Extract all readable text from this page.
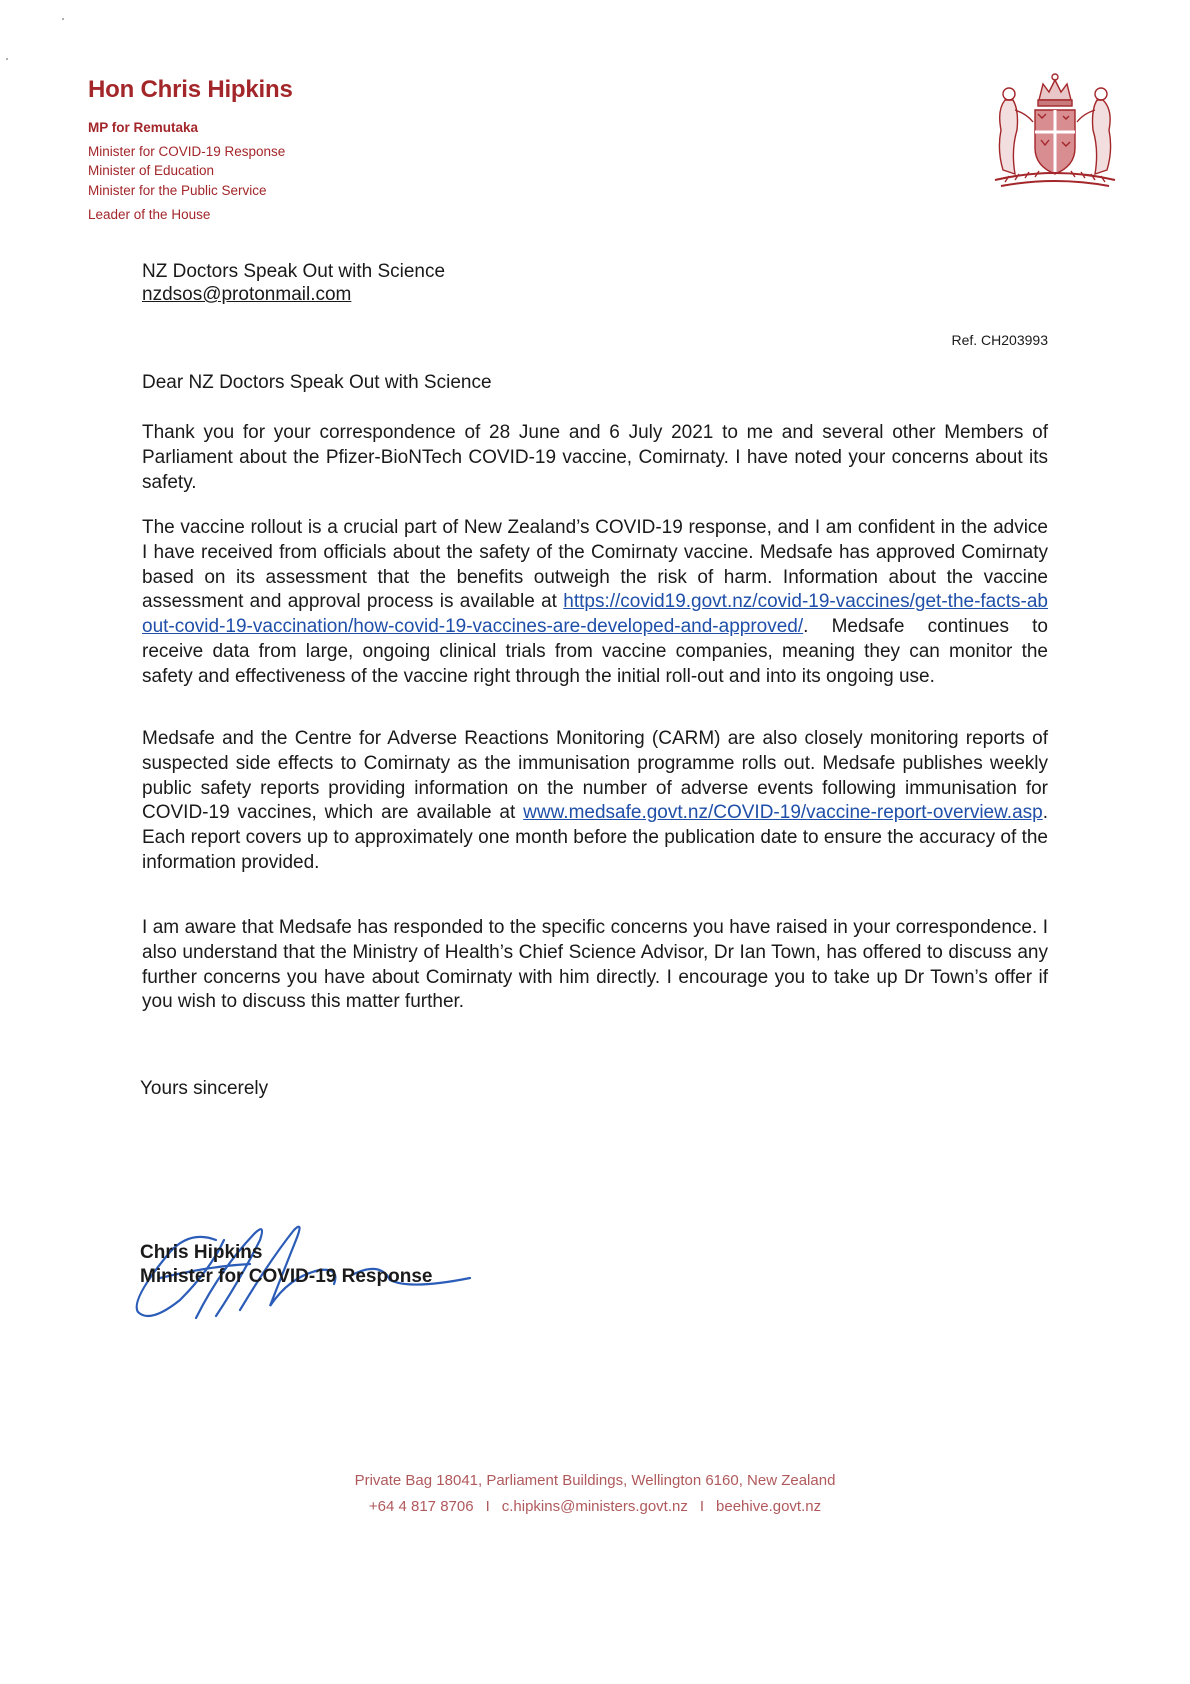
Hon Chris Hipkins
MP for Remutaka
Minister for COVID-19 Response
Minister of Education
Minister for the Public Service
Leader of the House
NZ Doctors Speak Out with Science
nzdsos@protonmail.com
Ref. CH203993
Dear NZ Doctors Speak Out with Science
Thank you for your correspondence of 28 June and 6 July 2021 to me and several other Members of Parliament about the Pfizer-BioNTech COVID-19 vaccine, Comirnaty. I have noted your concerns about its safety.
The vaccine rollout is a crucial part of New Zealand’s COVID-19 response, and I am confident in the advice I have received from officials about the safety of the Comirnaty vaccine. Medsafe has approved Comirnaty based on its assessment that the benefits outweigh the risk of harm. Information about the vaccine assessment and approval process is available at https://covid19.govt.nz/covid-19-vaccines/get-the-facts-about-covid-19-vaccination/how-covid-19-vaccines-are-developed-and-approved/. Medsafe continues to receive data from large, ongoing clinical trials from vaccine companies, meaning they can monitor the safety and effectiveness of the vaccine right through the initial roll-out and into its ongoing use.
Medsafe and the Centre for Adverse Reactions Monitoring (CARM) are also closely monitoring reports of suspected side effects to Comirnaty as the immunisation programme rolls out. Medsafe publishes weekly public safety reports providing information on the number of adverse events following immunisation for COVID-19 vaccines, which are available at www.medsafe.govt.nz/COVID-19/vaccine-report-overview.asp. Each report covers up to approximately one month before the publication date to ensure the accuracy of the information provided.
I am aware that Medsafe has responded to the specific concerns you have raised in your correspondence. I also understand that the Ministry of Health’s Chief Science Advisor, Dr Ian Town, has offered to discuss any further concerns you have about Comirnaty with him directly. I encourage you to take up Dr Town’s offer if you wish to discuss this matter further.
Yours sincerely
Chris Hipkins
Minister for COVID-19 Response
Private Bag 18041, Parliament Buildings, Wellington 6160, New Zealand
+64 4 817 8706 I c.hipkins@ministers.govt.nz I beehive.govt.nz
